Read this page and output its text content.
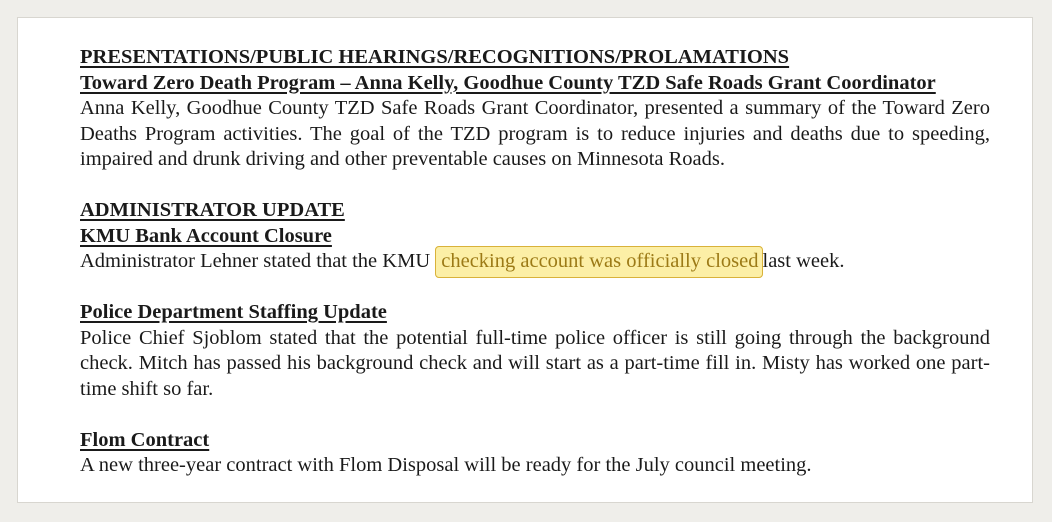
PRESENTATIONS/PUBLIC HEARINGS/RECOGNITIONS/PROLAMATIONS

Toward Zero Death Program – Anna Kelly, Goodhue County TZD Safe Roads Grant Coordinator

Anna Kelly, Goodhue County TZD Safe Roads Grant Coordinator, presented a summary of the Toward Zero Deaths Program activities. The goal of the TZD program is to reduce injuries and deaths due to speeding, impaired and drunk driving and other preventable causes on Minnesota Roads.

ADMINISTRATOR UPDATE

KMU Bank Account Closure

Administrator Lehner stated that the KMU checking account was officially closed last week.

Police Department Staffing Update

Police Chief Sjoblom stated that the potential full-time police officer is still going through the background check. Mitch has passed his background check and will start as a part-time fill in. Misty has worked one part-time shift so far.

Flom Contract

A new three-year contract with Flom Disposal will be ready for the July council meeting.
